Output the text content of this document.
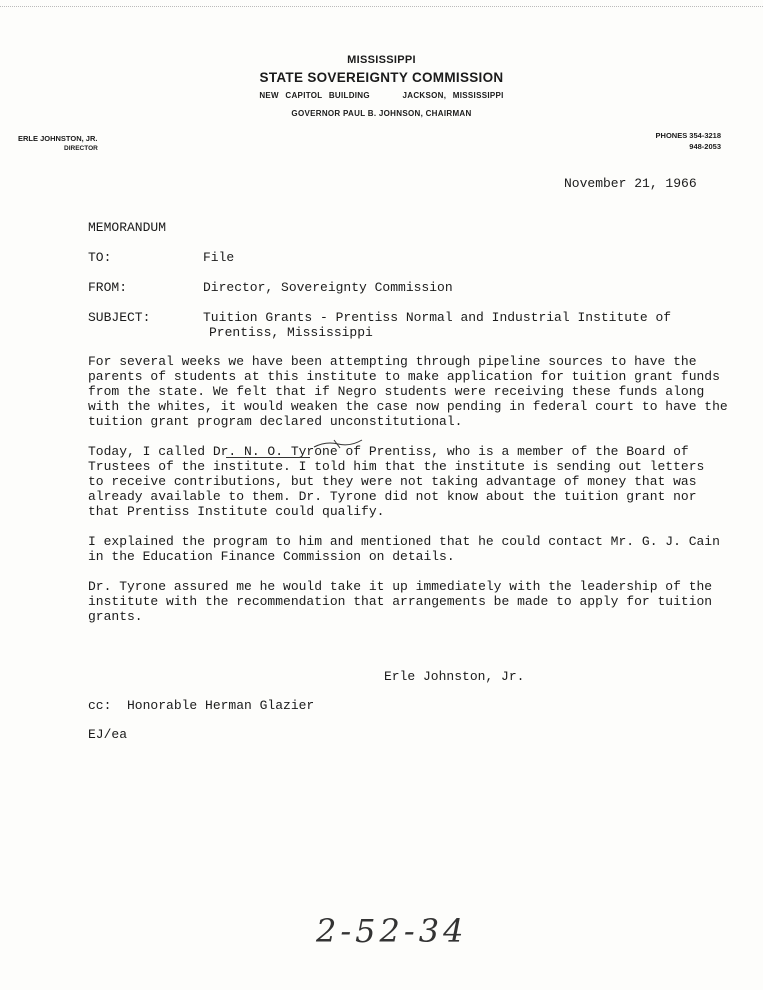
MISSISSIPPI
STATE SOVEREIGNTY COMMISSION
NEW CAPITOL BUILDING	JACKSON, MISSISSIPPI
GOVERNOR PAUL B. JOHNSON, CHAIRMAN
ERLE JOHNSTON, JR.
DIRECTOR
PHONES 354-3218
948-2053
November 21, 1966
MEMORANDUM
TO:	File
FROM:	Director, Sovereignty Commission
SUBJECT:	Tuition Grants - Prentiss Normal and Industrial Institute of
Prentiss, Mississippi
For several weeks we have been attempting through pipeline sources to have the
parents of students at this institute to make application for tuition grant funds
from the state. We felt that if Negro students were receiving these funds along
with the whites, it would weaken the case now pending in federal court to have the
tuition grant program declared unconstitutional.
Today, I called Dr. N. O. Tyrone of Prentiss, who is a member of the Board of
Trustees of the institute. I told him that the institute is sending out letters
to receive contributions, but they were not taking advantage of money that was
already available to them. Dr. Tyrone did not know about the tuition grant nor
that Prentiss Institute could qualify.
I explained the program to him and mentioned that he could contact Mr. G. J. Cain
in the Education Finance Commission on details.
Dr. Tyrone assured me he would take it up immediately with the leadership of the
institute with the recommendation that arrangements be made to apply for tuition
grants.
Erle Johnston, Jr.
cc:  Honorable Herman Glazier
EJ/ea
2-52-34
